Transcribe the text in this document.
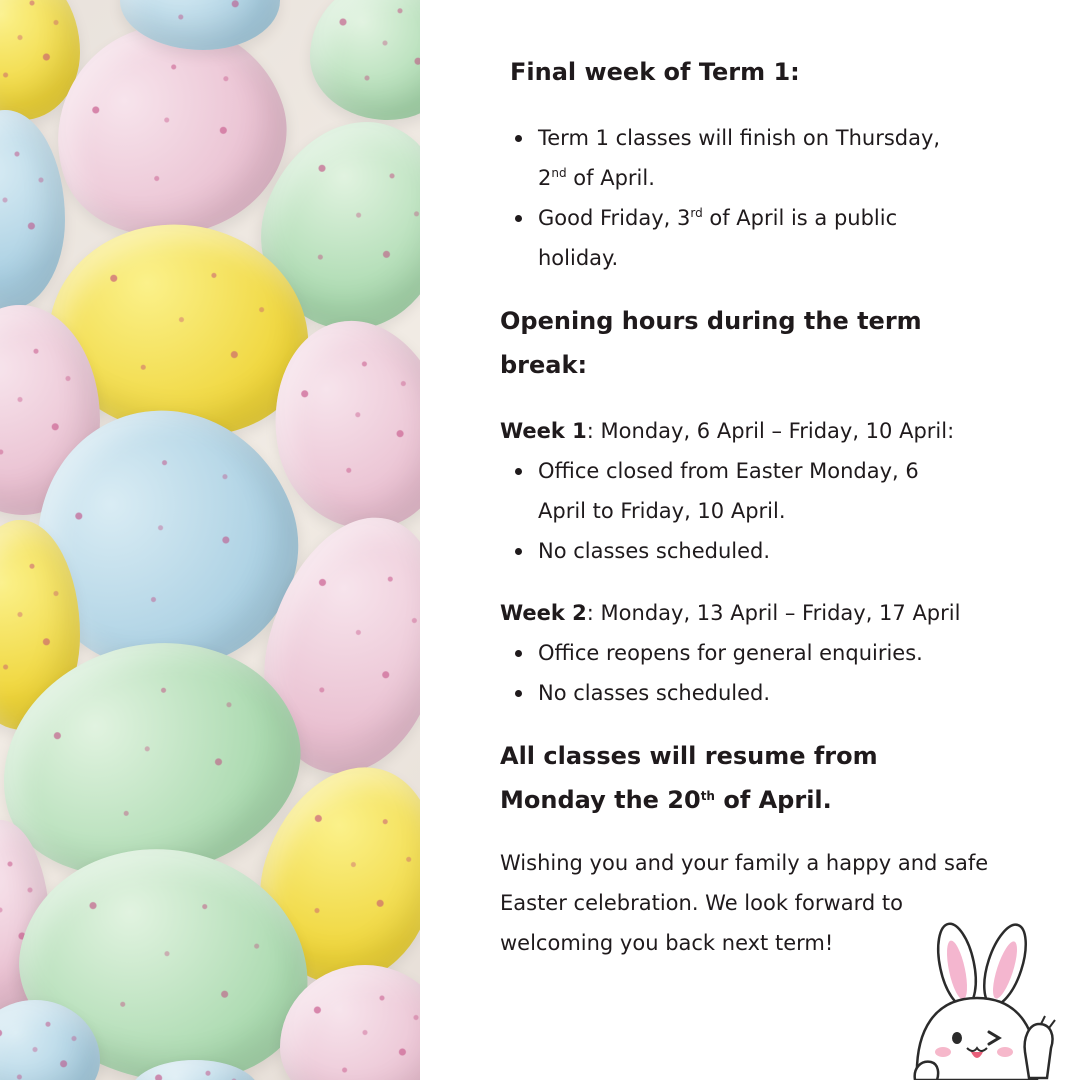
Final week of Term 1:
Term 1 classes will finish on Thursday,
2nd of April.
Good Friday, 3rd of April is a public holiday.
Opening hours during the term break:

Week 1: Monday, 6 April – Friday, 10 April:

Office closed from Easter Monday, 6 April to Friday, 10 April.
No classes scheduled.

Week 2: Monday, 13 April – Friday, 17 April

Office reopens for general enquiries.
No classes scheduled.
All classes will resume from Monday the 20th of April.

Wishing you and your family a happy and safe Easter celebration. We look forward to welcoming you back next term!
